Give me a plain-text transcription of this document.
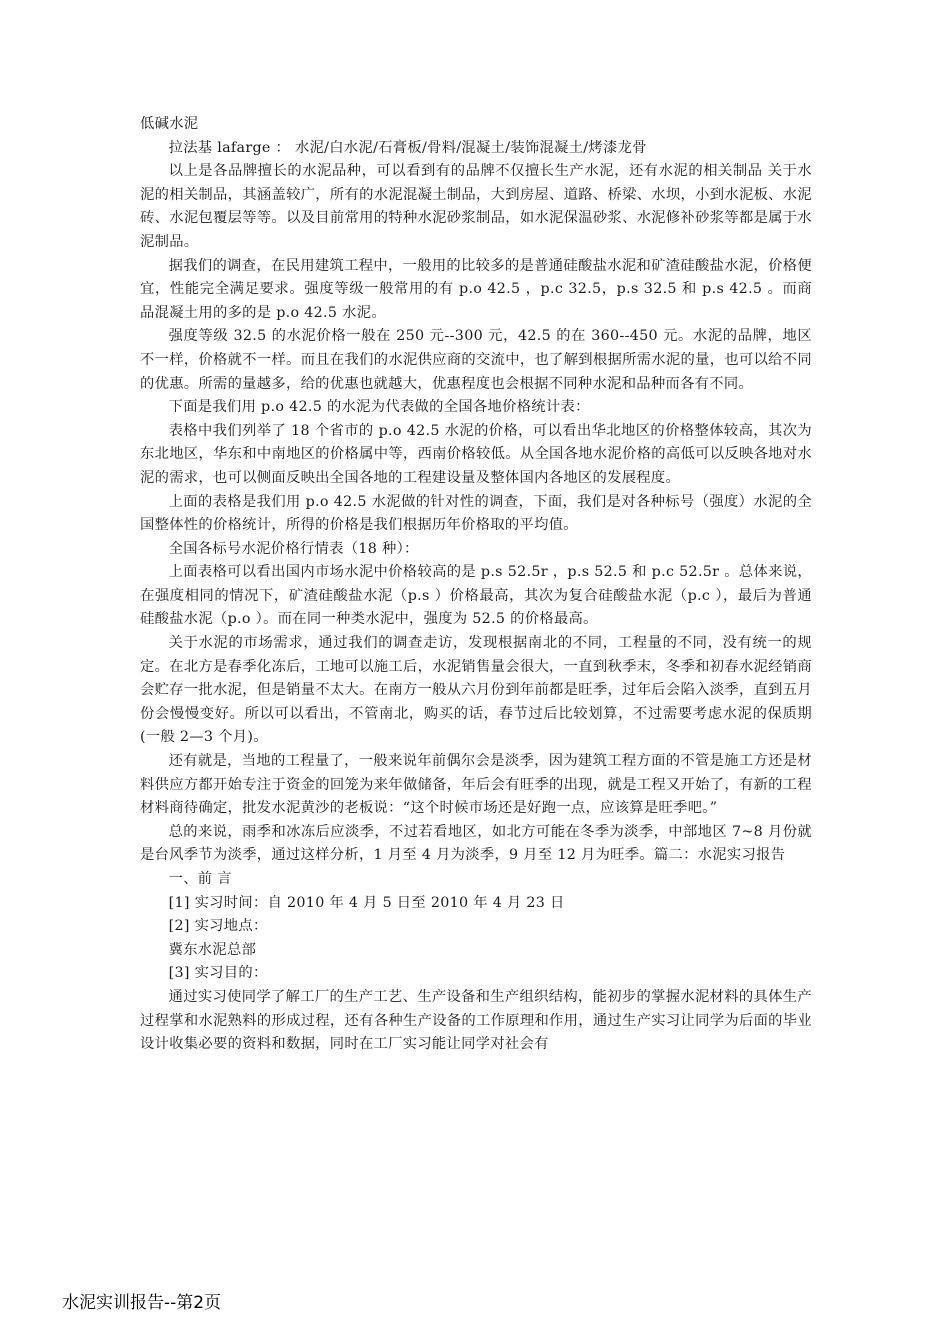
低碱水泥

拉法基 lafarge ： 水泥/白水泥/石膏板/骨料/混凝土/装饰混凝土/烤漆龙骨

以上是各品牌擅长的水泥品种，可以看到有的品牌不仅擅长生产水泥，还有水泥的相关制品 关于水泥的相关制品，其涵盖较广，所有的水泥混凝土制品，大到房屋、道路、桥梁、水坝，小到水泥板、水泥砖、水泥包覆层等等。以及目前常用的特种水泥砂浆制品，如水泥保温砂浆、水泥修补砂浆等都是属于水泥制品。

据我们的调查，在民用建筑工程中，一般用的比较多的是普通硅酸盐水泥和矿渣硅酸盐水泥，价格便宜，性能完全满足要求。强度等级一般常用的有 p.o 42.5 ，p.c 32.5，p.s 32.5 和 p.s 42.5 。而商品混凝土用的多的是 p.o 42.5 水泥。

强度等级 32.5 的水泥价格一般在 250 元--300 元，42.5 的在 360--450 元。水泥的品牌，地区不一样，价格就不一样。而且在我们的水泥供应商的交流中，也了解到根据所需水泥的量，也可以给不同的优惠。所需的量越多，给的优惠也就越大，优惠程度也会根据不同种水泥和品种而各有不同。

下面是我们用 p.o 42.5 的水泥为代表做的全国各地价格统计表：

表格中我们列举了 18 个省市的 p.o 42.5 水泥的价格，可以看出华北地区的价格整体较高，其次为东北地区，华东和中南地区的价格属中等，西南价格较低。从全国各地水泥价格的高低可以反映各地对水泥的需求，也可以侧面反映出全国各地的工程建设量及整体国内各地区的发展程度。

上面的表格是我们用 p.o 42.5 水泥做的针对性的调查，下面，我们是对各种标号（强度）水泥的全国整体性的价格统计，所得的价格是我们根据历年价格取的平均值。

全国各标号水泥价格行情表（18 种）：

上面表格可以看出国内市场水泥中价格较高的是 p.s 52.5r ，p.s 52.5 和 p.c 52.5r 。总体来说，在强度相同的情况下，矿渣硅酸盐水泥（p.s ）价格最高，其次为复合硅酸盐水泥（p.c ），最后为普通硅酸盐水泥（p.o ）。而在同一种类水泥中，强度为 52.5 的价格最高。

关于水泥的市场需求，通过我们的调查走访，发现根据南北的不同，工程量的不同，没有统一的规定。在北方是春季化冻后，工地可以施工后，水泥销售量会很大，一直到秋季末，冬季和初春水泥经销商会贮存一批水泥，但是销量不太大。在南方一般从六月份到年前都是旺季，过年后会陷入淡季，直到五月份会慢慢变好。所以可以看出，不管南北，购买的话，春节过后比较划算，不过需要考虑水泥的保质期(一般 2—3 个月)。

还有就是，当地的工程量了，一般来说年前偶尔会是淡季，因为建筑工程方面的不管是施工方还是材料供应方都开始专注于资金的回笼为来年做储备，年后会有旺季的出现，就是工程又开始了，有新的工程材料商待确定，批发水泥黄沙的老板说：“这个时候市场还是好跑一点，应该算是旺季吧。”

总的来说，雨季和冰冻后应淡季，不过若看地区，如北方可能在冬季为淡季，中部地区 7~8 月份就是台风季节为淡季，通过这样分析，1 月至 4 月为淡季，9 月至 12 月为旺季。篇二：水泥实习报告

一、前 言

[1] 实习时间：自 2010 年 4 月 5 日至 2010 年 4 月 23 日

[2] 实习地点：

冀东水泥总部

[3] 实习目的：

通过实习使同学了解工厂的生产工艺、生产设备和生产组织结构，能初步的掌握水泥材料的具体生产过程掌和水泥熟料的形成过程，还有各种生产设备的工作原理和作用，通过生产实习让同学为后面的毕业设计收集必要的资料和数据，同时在工厂实习能让同学对社会有

水泥实训报告--第2页
